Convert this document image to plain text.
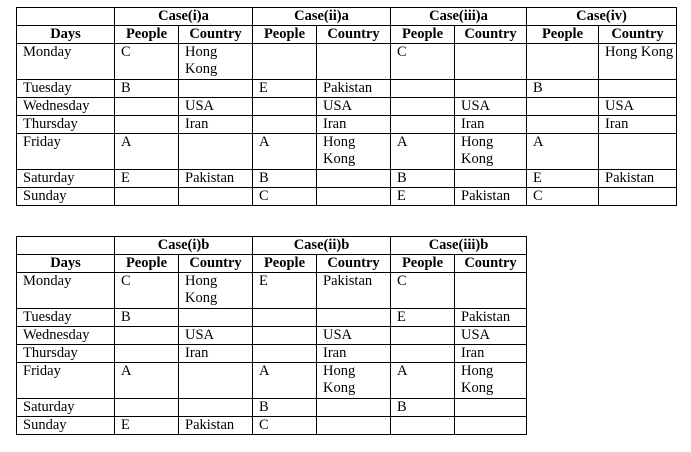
	Case(i)a		Case(ii)a		Case(iii)a		Case(iv)	
Days	People	Country	People	Country	People	Country	People	Country
Monday	C	Hong Kong			C			Hong Kong
Tuesday	B		E	Pakistan			B	
Wednesday		USA		USA		USA		USA
Thursday		Iran		Iran		Iran		Iran
Friday	A		A	Hong Kong	A	Hong Kong	A	
Saturday	E	Pakistan	B		B		E	Pakistan
Sunday			C		E	Pakistan	C	
	Case(i)b		Case(ii)b		Case(iii)b	
Days	People	Country	People	Country	People	Country
Monday	C	Hong Kong	E	Pakistan	C	
Tuesday	B				E	Pakistan
Wednesday		USA		USA		USA
Thursday		Iran		Iran		Iran
Friday	A		A	Hong Kong	A	Hong Kong
Saturday			B		B	
Sunday	E	Pakistan	C			
